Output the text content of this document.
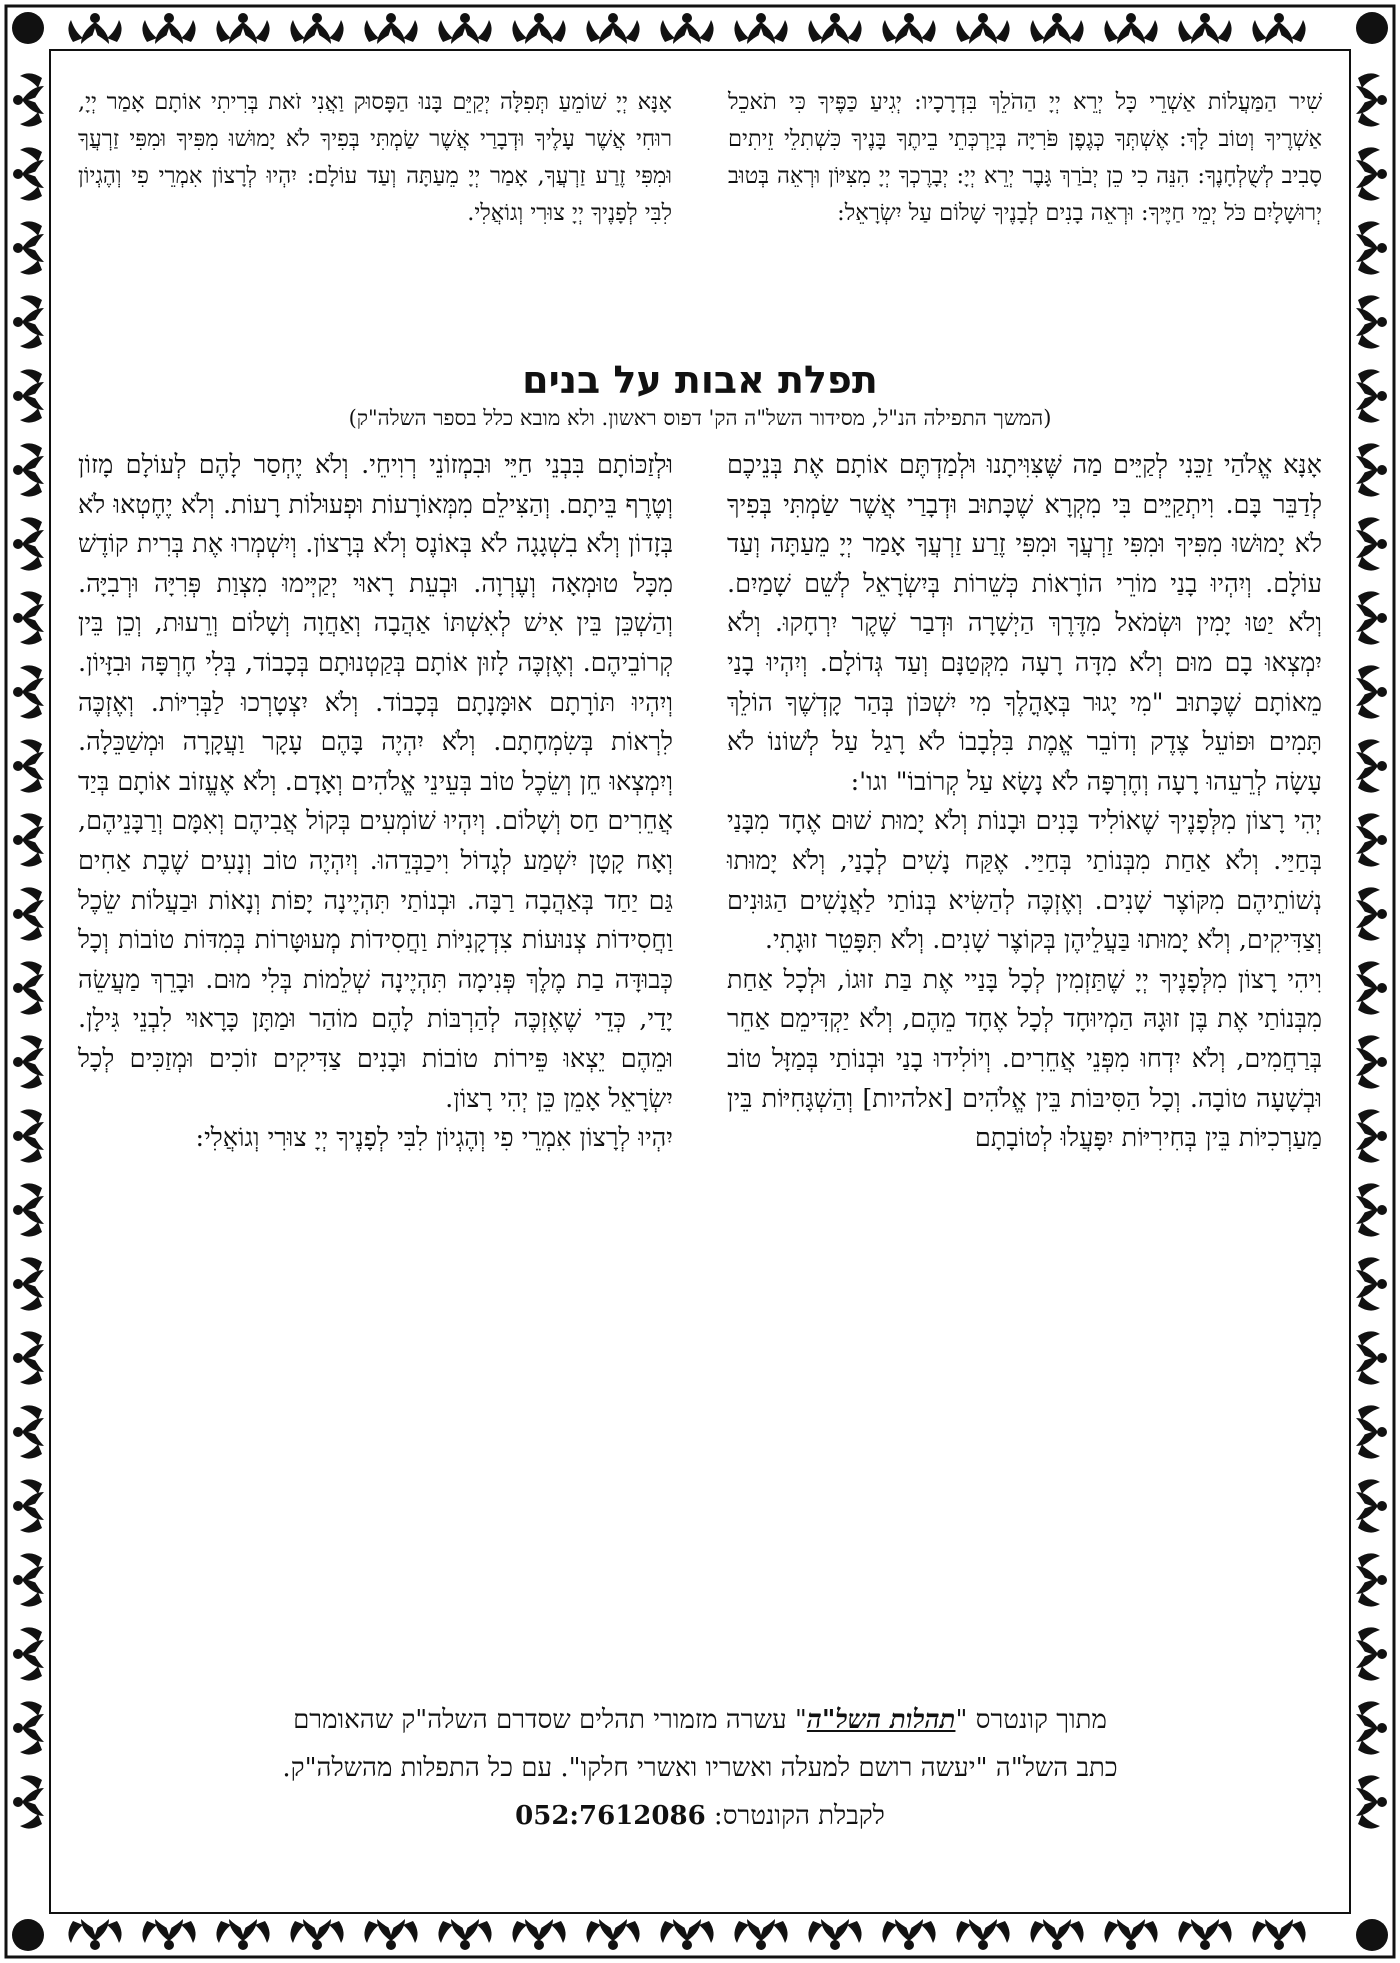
שִׁיר הַמַּעֲלוֹת אַשְׁרֵי כָּל יְרֵא יְיָ הַהֹלֵךְ בִּדְרָכָיו: יְגִיעַ כַּפֶּיךָ כִּי תֹאכֵל אַשְׁרֶיךָ וְטוֹב לָךְ: אֶשְׁתְּךָ כְּגֶפֶן פֹּרִיָּה בְּיַרְכְּתֵי בֵיתֶךָ בָּנֶיךָ כִּשְׁתִלֵי זֵיתִים סָבִיב לְשֻׁלְחָנֶךָ: הִנֵּה כִי כֵן יְבֹרַךְ גָּבֶר יְרֵא יְיָ: יְבָרֶכְךָ יְיָ מִצִּיּוֹן וּרְאֵה בְּטוּב יְרוּשָׁלָיִם כֹּל יְמֵי חַיֶּיךָ: וּרְאֵה בָנִים לְבָנֶיךָ שָׁלוֹם עַל יִשְׂרָאֵל:

אָנָּא יְיָ שׁוֹמֵעַ תְּפִלָּה יְקַיֵּם בָּנוּ הַפָּסוּק וַאֲנִי זֹאת בְּרִיתִי אוֹתָם אָמַר יְיָ, רוּחִי אֲשֶׁר עָלֶיךָ וּדְבָרַי אֲשֶׁר שַׂמְתִּי בְּפִיךָ לֹא יָמוּשׁוּ מִפִּיךָ וּמִפִּי זַרְעֲךָ וּמִפִּי זֶרַע זַרְעֲךָ, אָמַר יְיָ מֵעַתָּה וְעַד עוֹלָם: יִהְיוּ לְרָצוֹן אִמְרֵי פִי וְהֶגְיוֹן לִבִּי לְפָנֶיךָ יְיָ צוּרִי וְגוֹאֲלִי.

תפלת אבות על בנים
(המשך התפילה הנ"ל, מסידור השל"ה הק' דפוס ראשון. ולא מובא כלל בספר השלה"ק)

אָנָּא אֱלֹהַי זַכֵּנִי לְקַיֵּים מַה שֶּׁצִּוִּיתָנוּ וּלְמַדְתֶּם אוֹתָם אֶת בְּנֵיכֶם לְדַבֵּר בָּם. וִיתְקַיֵּים בִּי מִקְרָא שֶׁכָּתוּב וּדְבָרַי אֲשֶׁר שַׂמְתִּי בְּפִיךָ לֹא יָמוּשׁוּ מִפִּיךָ וּמִפִּי זַרְעֲךָ וּמִפִּי זֶרַע זַרְעֲךָ אָמַר יְיָ מֵעַתָּה וְעַד עוֹלָם. וְיִהְיוּ בָנַי מוֹרֵי הוֹרָאוֹת כְּשֵׁרוֹת בְּיִשְׂרָאֵל לְשֵׁם שָׁמַיִם. וְלֹא יַטּוּ יָמִין וּשְׂמֹאל מִדֶּרֶךְ הַיְשָׁרָה וּדְבַר שֶׁקֶר יִרְחָקוּ. וְלֹא יִמְצְאוּ בָם מוּם וְלֹא מִדָּה רָעָה מִקְּטַנָּם וְעַד גְּדוֹלָם. וְיִהְיוּ בָנַי מֵאוֹתָם שֶׁכָּתוּב "מִי יָגוּר בְּאָהֳלֶךָ מִי יִשְׁכּוֹן בְּהַר קָדְשֶׁךָ הוֹלֵךְ תָּמִים וּפוֹעֵל צֶדֶק וְדוֹבֵר אֱמֶת בִּלְבָבוֹ לֹא רָגַל עַל לְשׁוֹנוֹ לֹא עָשָׂה לְרֵעֵהוּ רָעָה וְחֶרְפָּה לֹא נָשָׂא עַל קְרוֹבוֹ" וגו':

יְהִי רָצוֹן מִלְּפָנֶיךָ שֶׁאוֹלִיד בָּנִים וּבָנוֹת וְלֹא יָמוּת שׁוּם אֶחָד מִבָּנַי בְּחַיַּי. וְלֹא אַחַת מִבְּנוֹתַי בְּחַיַּי. אֶקַּח נָשִׁים לְבָנַי, וְלֹא יָמוּתוּ נְשׁוֹתֵיהֶם מִקּוֹצֶר שָׁנִים. וְאֶזְכֶּה לְהַשִּׂיא בְּנוֹתַי לַאֲנָשִׁים הַגּוּנִים וְצַדִּיקִים, וְלֹא יָמוּתוּ בַּעֲלֵיהֶן בְּקוֹצֶר שָׁנִים. וְלֹא תִּפָּטֵר זוּגָתִי.

וִיהִי רָצוֹן מִלְּפָנֶיךָ יְיָ שֶׁתַּזְמִין לְכָל בָּנַיי אֶת בַּת זוּגוֹ, וּלְכָל אַחַת מִבְּנוֹתַי אֶת בֶּן זוּגָהּ הַמְיוּחָד לְכָל אֶחָד מֵהֶם, וְלֹא יַקְדִּימֵם אַחֵר בְּרַחֲמִים, וְלֹא יִדְחוּ מִפְּנֵי אֲחֵרִים. וְיוֹלִידוּ בָנַי וּבְנוֹתַי בְּמַזָּל טוֹב וּבְשָׁעָה טוֹבָה. וְכָל הַסִּיבּוֹת בֵּין אֱלֹהִים [אלהיות] וְהַשְׁגָּחִיּוֹת בֵּין מַעַרְכִיּוֹת בֵּין בְּחִירִיּוֹת יִפָּעֲלוּ לְטוֹבָתָם

וּלְזַכּוֹתָם בִּבְנֵי חַיֵּי וּבִמְזוֹנֵי רְוִיחֵי. וְלֹא יֶחְסַר לָהֶם לְעוֹלָם מָזוֹן וְטֶרֶף בֵּיתָם. וְהַצִּילֵם מִמְּאוֹרָעוֹת וּפְעוּלוֹת רָעוֹת. וְלֹא יֶחֶטְאוּ לֹא בְּזָדוֹן וְלֹא בִשְׁגָגָה לֹא בְּאוֹנֶס וְלֹא בְּרָצוֹן. וְיִשְׁמְרוּ אֶת בְּרִית קוֹדֶשׁ מִכָּל טוּמְאָה וְעֶרְוָה. וּבְעֵת רָאוּי יְקַיְּימוּ מִצְוַת פְּרִיָּה וּרְבִיָּה. וְהַשְׁכֵּן בֵּין אִישׁ לְאִשְׁתּוֹ אַהֲבָה וְאַחֲוָה וְשָׁלוֹם וְרֵעוּת, וְכֵן בֵּין קְרוֹבֵיהֶם. וְאֶזְכֶּה לָזוּן אוֹתָם בְּקַטְנוּתָם בְּכָבוֹד, בְּלִי חֶרְפָּה וּבִזָּיוֹן. וְיִהְיוּ תּוֹרָתָם אוּמָּנָתָם בְּכָבוֹד. וְלֹא יִצְטָרְכוּ לַבְּרִיּוֹת. וְאֶזְכֶּה לִרְאוֹת בְּשִׂמְחָתָם. וְלֹא יִהְיֶה בָּהֶם עָקָר וַעֲקָרָה וּמְשַׁכֵּלָה. וְיִמְצְאוּ חֵן וְשֵׂכֶל טוֹב בְּעֵינֵי אֱלֹהִים וְאָדָם. וְלֹא אֶעֱזוֹב אוֹתָם בְּיַד אֲחֵרִים חַס וְשָׁלוֹם. וְיִהְיוּ שׁוֹמְעִים בְּקוֹל אֲבִיהֶם וְאִמָּם וְרַבָּנֵיהֶם, וְאָח קָטָן יִשְׁמַע לְגָדוֹל וִיכַבְּדֵהוּ. וְיִהְיֶה טוֹב וְנָעִים שֶׁבֶת אַחִים גַּם יַחַד בְּאַהֲבָה רַבָּה. וּבְנוֹתַי תִּהְיֶינָה יָפוֹת וְנָאוֹת וּבַעֲלוֹת שֵׂכֶל וַחֲסִידוֹת צְנוּעוֹת צִדְקָנִיּוֹת וַחֲסִידוֹת מְעוּטָּרוֹת בְּמִדּוֹת טוֹבוֹת וְכָל כְּבוּדָּה בַת מֶלֶךְ פְּנִימָה תִּהְיֶינָה שְׁלֵמוֹת בְּלִי מוּם. וּבָרֵךְ מַעֲשֵׂה יָדַי, כְּדֵי שֶׁאֶזְכֶּה לְהַרְבּוֹת לָהֶם מוֹהַר וּמַתָּן כָּרָאוּי לִבְנֵי גִּילָן. וּמֵהֶם יֵצְאוּ פֵּירוֹת טוֹבוֹת וּבָנִים צַדִּיקִים זוֹכִים וּמְזַכִּים לְכָל יִשְׂרָאֵל אָמֵן כֵּן יְהִי רָצוֹן.

יִהְיוּ לְרָצוֹן אִמְרֵי פִי וְהֶגְיוֹן לִבִּי לְפָנֶיךָ יְיָ צוּרִי וְגוֹאֲלִי:

מתוך קונטרס "תהלות השל"ה" עשרה מזמורי תהלים שסדרם השלה"ק שהאומרם

כתב השל"ה "יעשה רושם למעלה ואשריו ואשרי חלקו". עם כל התפלות מהשלה"ק.

לקבלת הקונטרס: 052:7612086
